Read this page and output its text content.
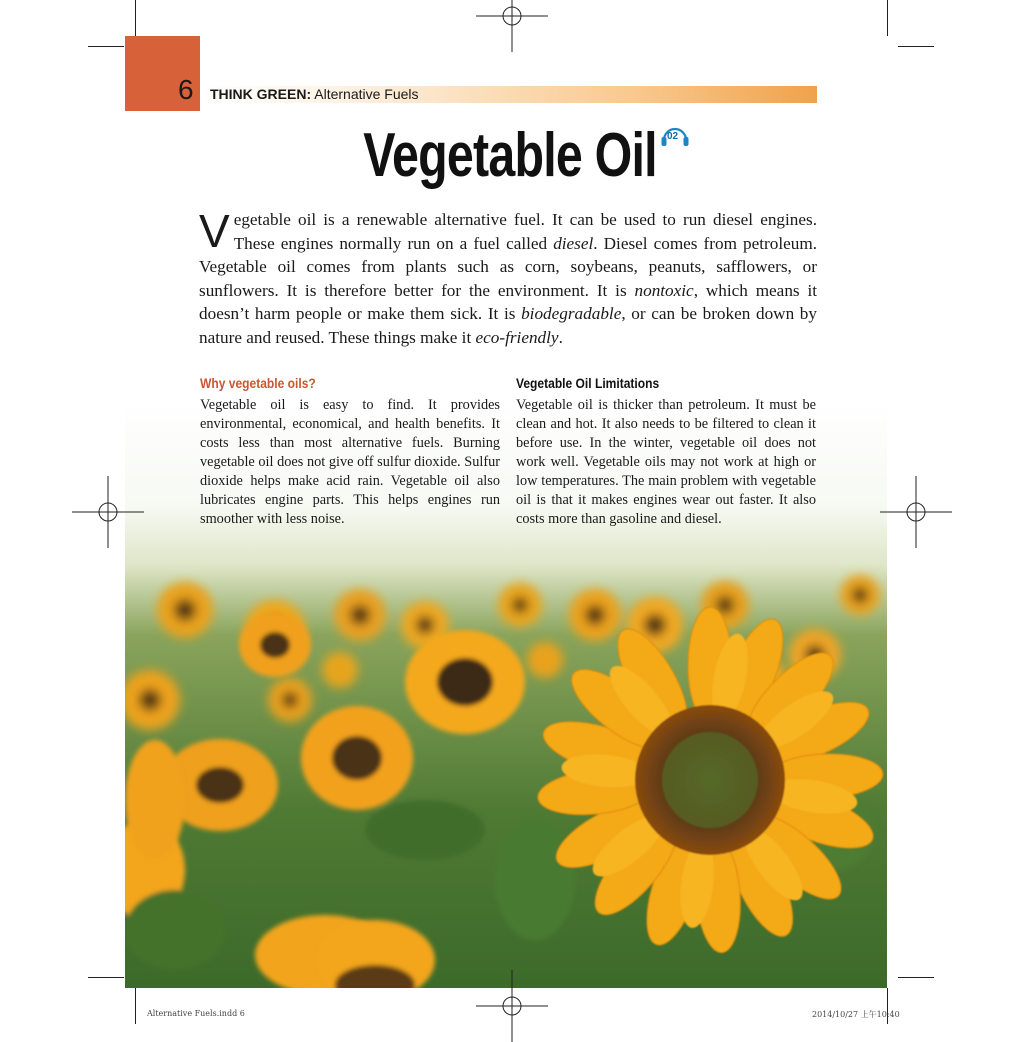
6 THINK GREEN: Alternative Fuels
Vegetable Oil	02
Vegetable oil is a renewable alternative fuel. It can be used to run diesel engines. These engines normally run on a fuel called diesel. Diesel comes from petroleum. Vegetable oil comes from plants such as corn, soybeans, peanuts, safflowers, or sunflowers. It is therefore better for the environment. It is nontoxic, which means it doesn’t harm people or make them sick. It is biodegradable, or can be broken down by nature and reused. These things make it eco-friendly.
Why vegetable oils?
Vegetable oil is easy to find. It provides environmental, economical, and health benefits. It costs less than most alternative fuels. Burning vegetable oil does not give off sulfur dioxide. Sulfur dioxide helps make acid rain. Vegetable oil also lubricates engine parts. This helps engines run smoother with less noise.
Vegetable Oil Limitations
Vegetable oil is thicker than petroleum. It must be clean and hot. It also needs to be filtered to clean it before use. In the winter, vegetable oil does not work well. Vegetable oils may not work at high or low temperatures. The main problem with vegetable oil is that it makes engines wear out faster. It also costs more than gasoline and diesel.
Alternative Fuels.indd 6	2014/10/27 上午10:40
